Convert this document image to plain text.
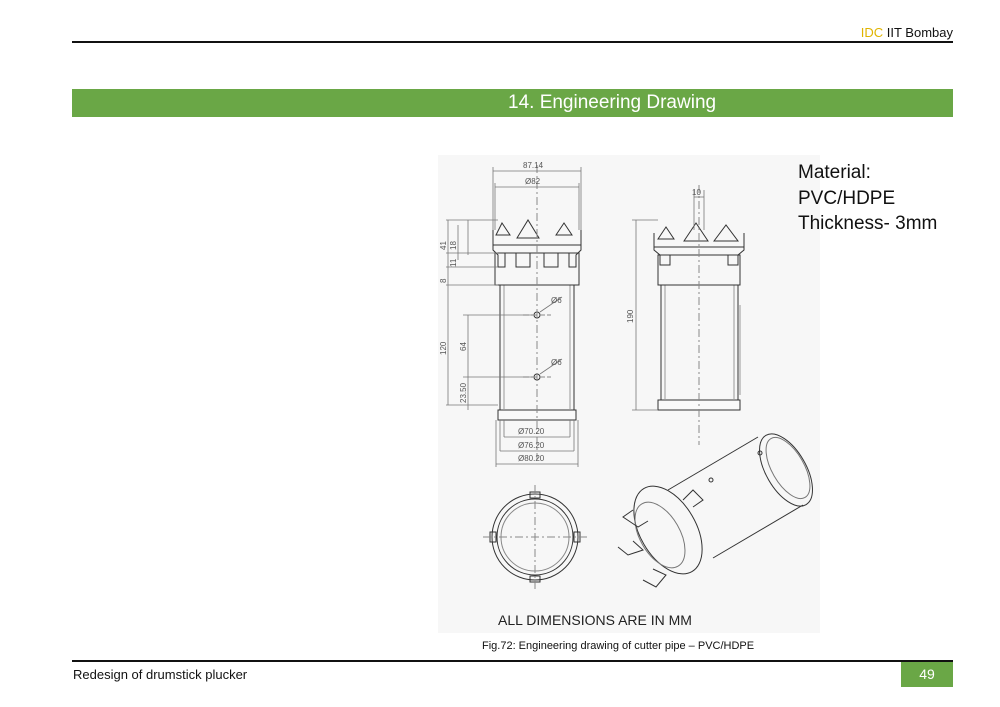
IDC IIT Bombay
14. Engineering Drawing
87.14
Ø82
10
41 18
11
8
120 64
23.50
190
Ø6
Ø6
Ø70.20
Ø76.20
Ø80.20
ALL DIMENSIONS ARE IN MM
Material:
PVC/HDPE
Thickness- 3mm
Fig.72: Engineering drawing of cutter pipe – PVC/HDPE
Redesign of drumstick plucker	49
